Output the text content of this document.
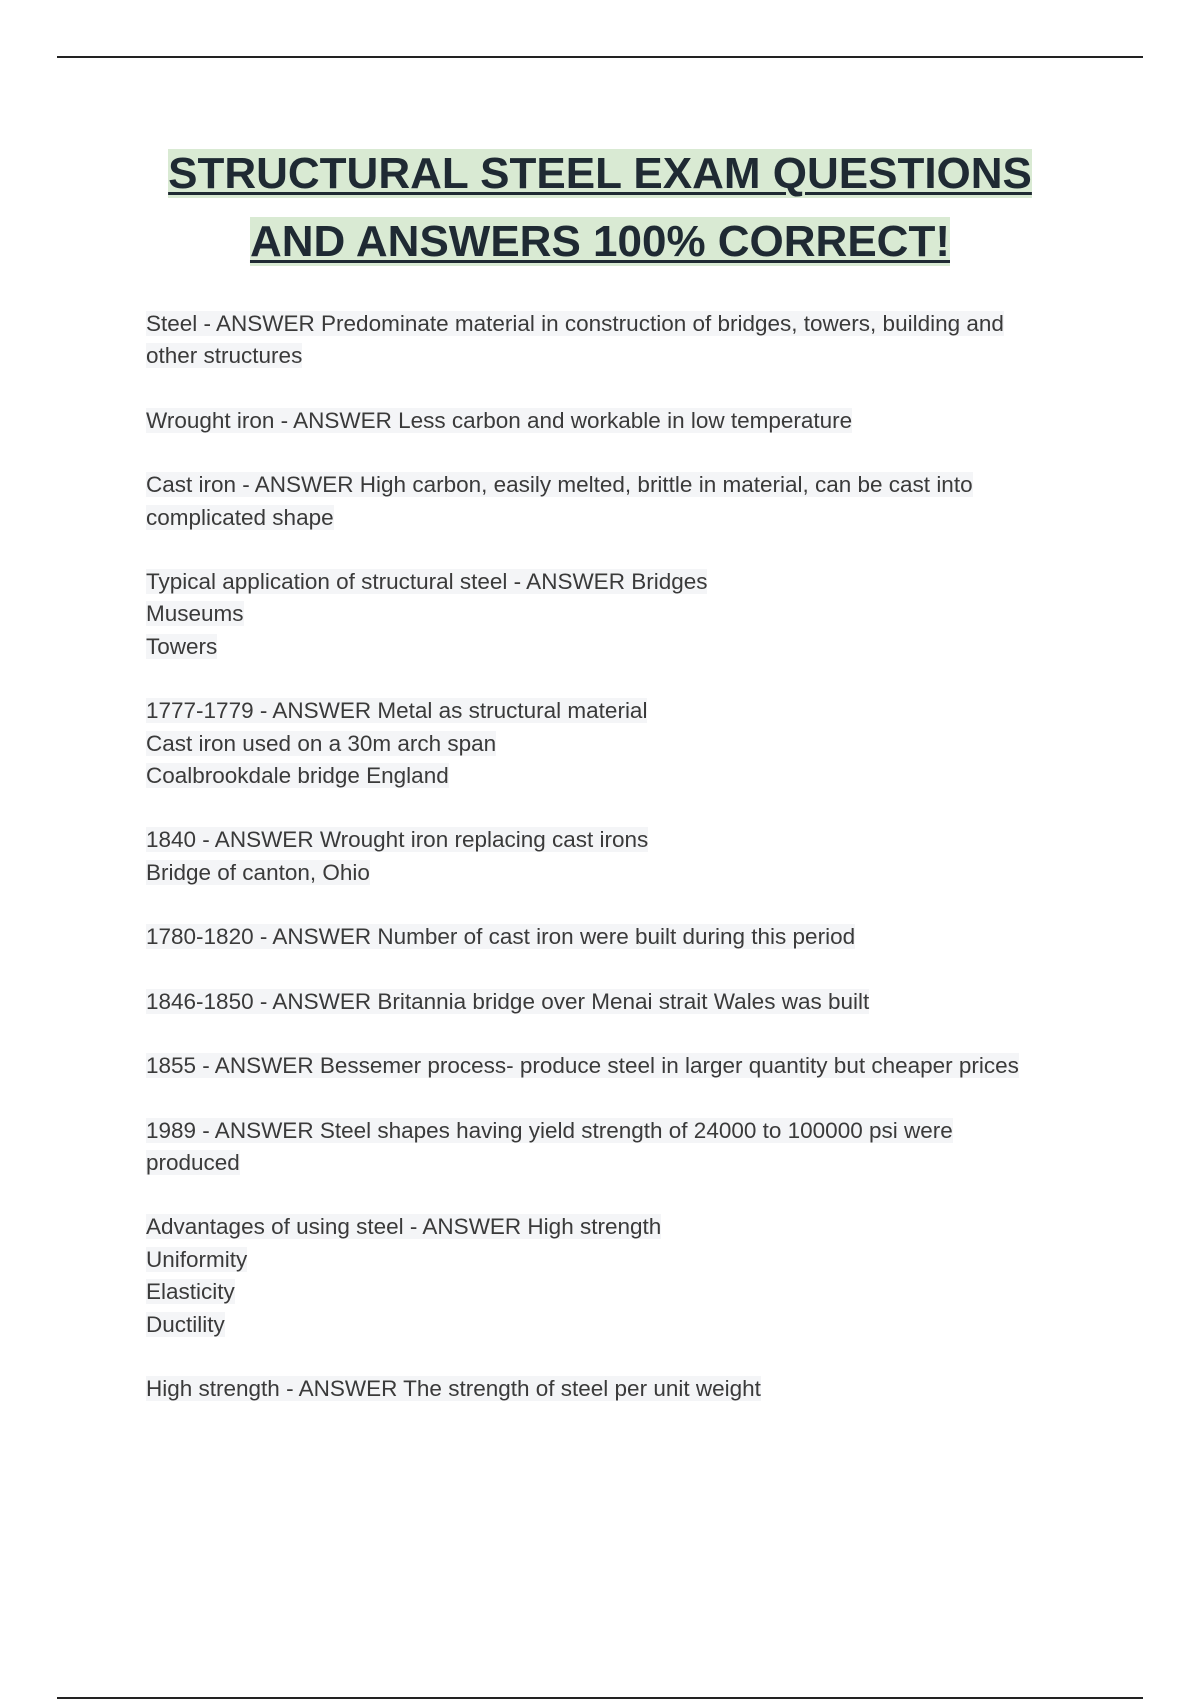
STRUCTURAL STEEL EXAM QUESTIONS
AND ANSWERS 100% CORRECT!
Steel - ANSWER Predominate material in construction of bridges, towers, building and
other structures
Wrought iron - ANSWER Less carbon and workable in low temperature
Cast iron - ANSWER High carbon, easily melted, brittle in material, can be cast into
complicated shape
Typical application of structural steel - ANSWER Bridges
Museums
Towers
1777-1779 - ANSWER Metal as structural material
Cast iron used on a 30m arch span
Coalbrookdale bridge England
1840 - ANSWER Wrought iron replacing cast irons
Bridge of canton, Ohio
1780-1820 - ANSWER Number of cast iron were built during this period
1846-1850 - ANSWER Britannia bridge over Menai strait Wales was built
1855 - ANSWER Bessemer process- produce steel in larger quantity but cheaper prices
1989 - ANSWER Steel shapes having yield strength of 24000 to 100000 psi were
produced
Advantages of using steel - ANSWER High strength
Uniformity
Elasticity
Ductility
High strength - ANSWER The strength of steel per unit weight
